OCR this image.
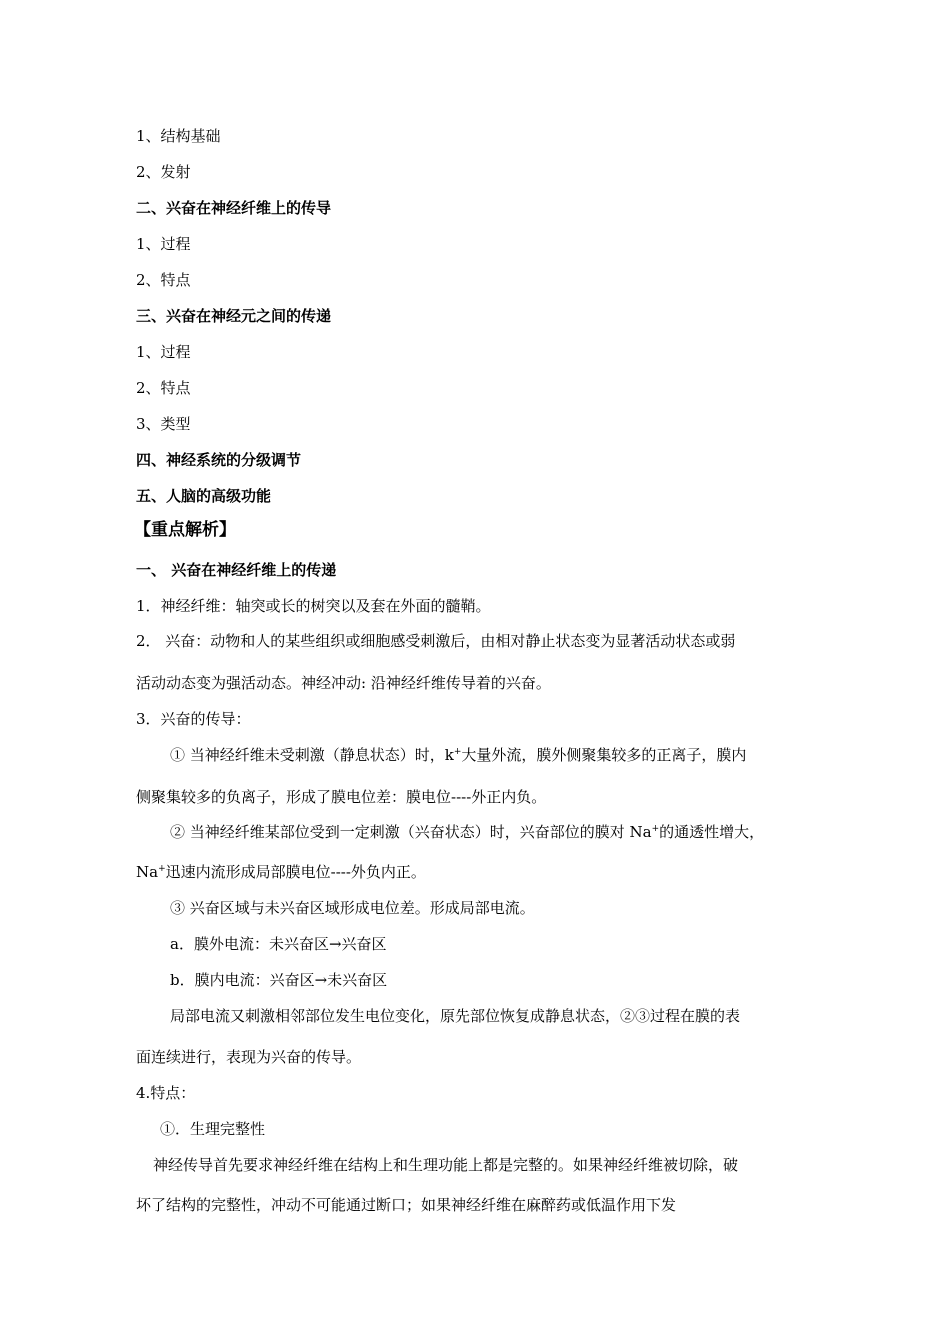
1、结构基础
2、发射
二、兴奋在神经纤维上的传导
1、过程
2、特点
三、兴奋在神经元之间的传递
1、过程
2、特点
3、类型
四、神经系统的分级调节
五、人脑的高级功能
【重点解析】
一、 兴奋在神经纤维上的传递
1．神经纤维：轴突或长的树突以及套在外面的髓鞘。
2． 兴奋：动物和人的某些组织或细胞感受刺激后，由相对静止状态变为显著活动状态或弱
活动动态变为强活动态。神经冲动: 沿神经纤维传导着的兴奋。
3．兴奋的传导：
① 当神经纤维未受刺激（静息状态）时，k+大量外流，膜外侧聚集较多的正离子，膜内
侧聚集较多的负离子，形成了膜电位差：膜电位----外正内负。
② 当神经纤维某部位受到一定刺激（兴奋状态）时，兴奋部位的膜对 Na+的通透性增大，
Na+迅速内流形成局部膜电位----外负内正。
③ 兴奋区域与未兴奋区域形成电位差。形成局部电流。
a．膜外电流：未兴奋区→兴奋区
b．膜内电流：兴奋区→未兴奋区
局部电流又刺激相邻部位发生电位变化，原先部位恢复成静息状态，②③过程在膜的表
面连续进行，表现为兴奋的传导。
4.特点：
①．生理完整性
神经传导首先要求神经纤维在结构上和生理功能上都是完整的。如果神经纤维被切除，破
坏了结构的完整性，冲动不可能通过断口；如果神经纤维在麻醉药或低温作用下发
